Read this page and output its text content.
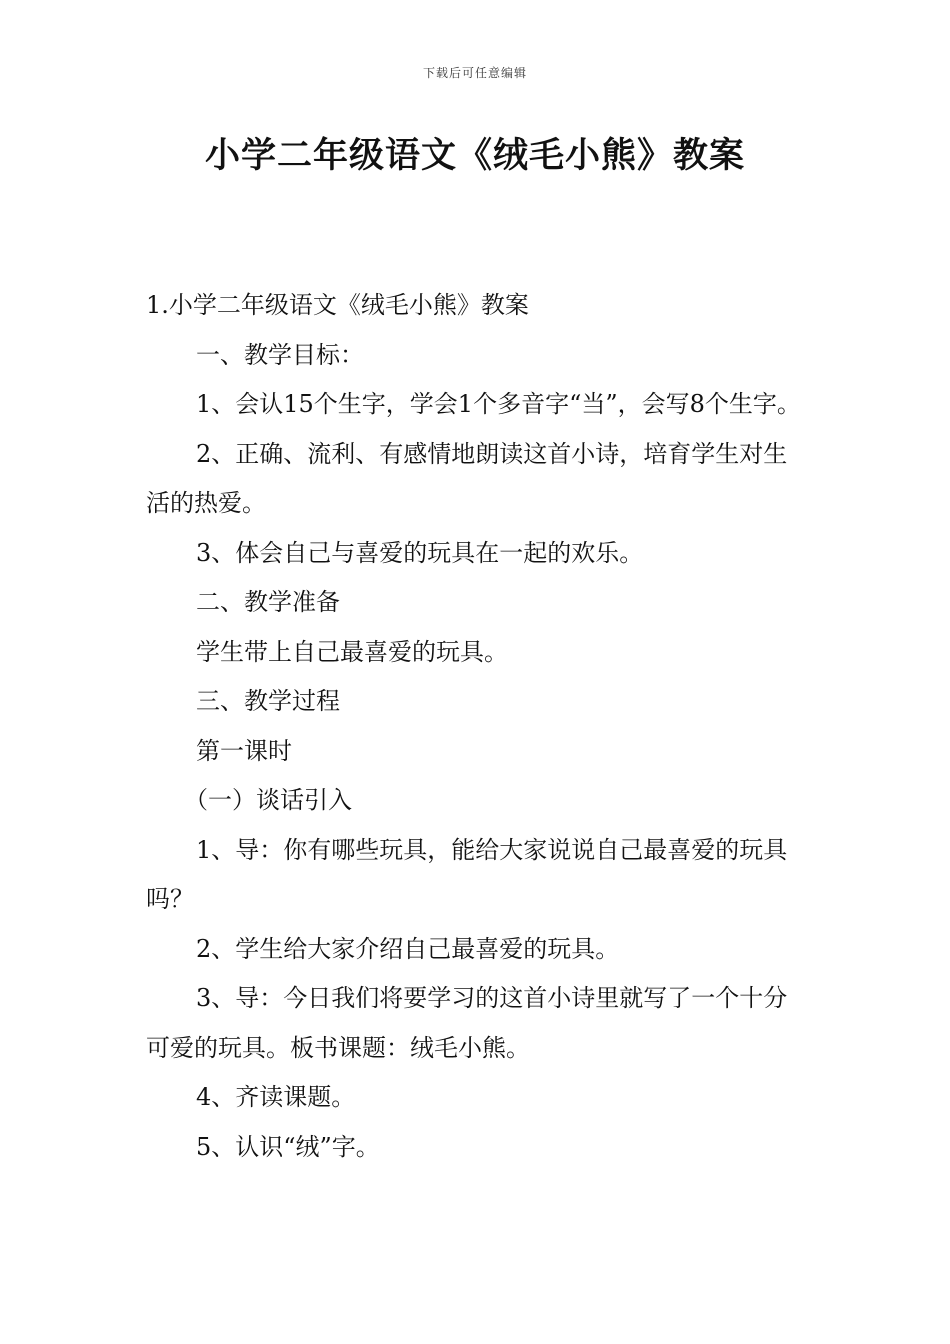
下载后可任意编辑
小学二年级语文《绒毛小熊》教案

1.小学二年级语文《绒毛小熊》教案

一、教学目标：

1、会认15个生字，学会1个多音字“当”，会写8个生字。

2、正确、流利、有感情地朗读这首小诗，培育学生对生活的热爱。

3、体会自己与喜爱的玩具在一起的欢乐。

二、教学准备

学生带上自己最喜爱的玩具。

三、教学过程

第一课时

（一）谈话引入

1、导：你有哪些玩具，能给大家说说自己最喜爱的玩具吗？

2、学生给大家介绍自己最喜爱的玩具。

3、导：今日我们将要学习的这首小诗里就写了一个十分可爱的玩具。板书课题：绒毛小熊。

4、齐读课题。

5、认识“绒”字。
